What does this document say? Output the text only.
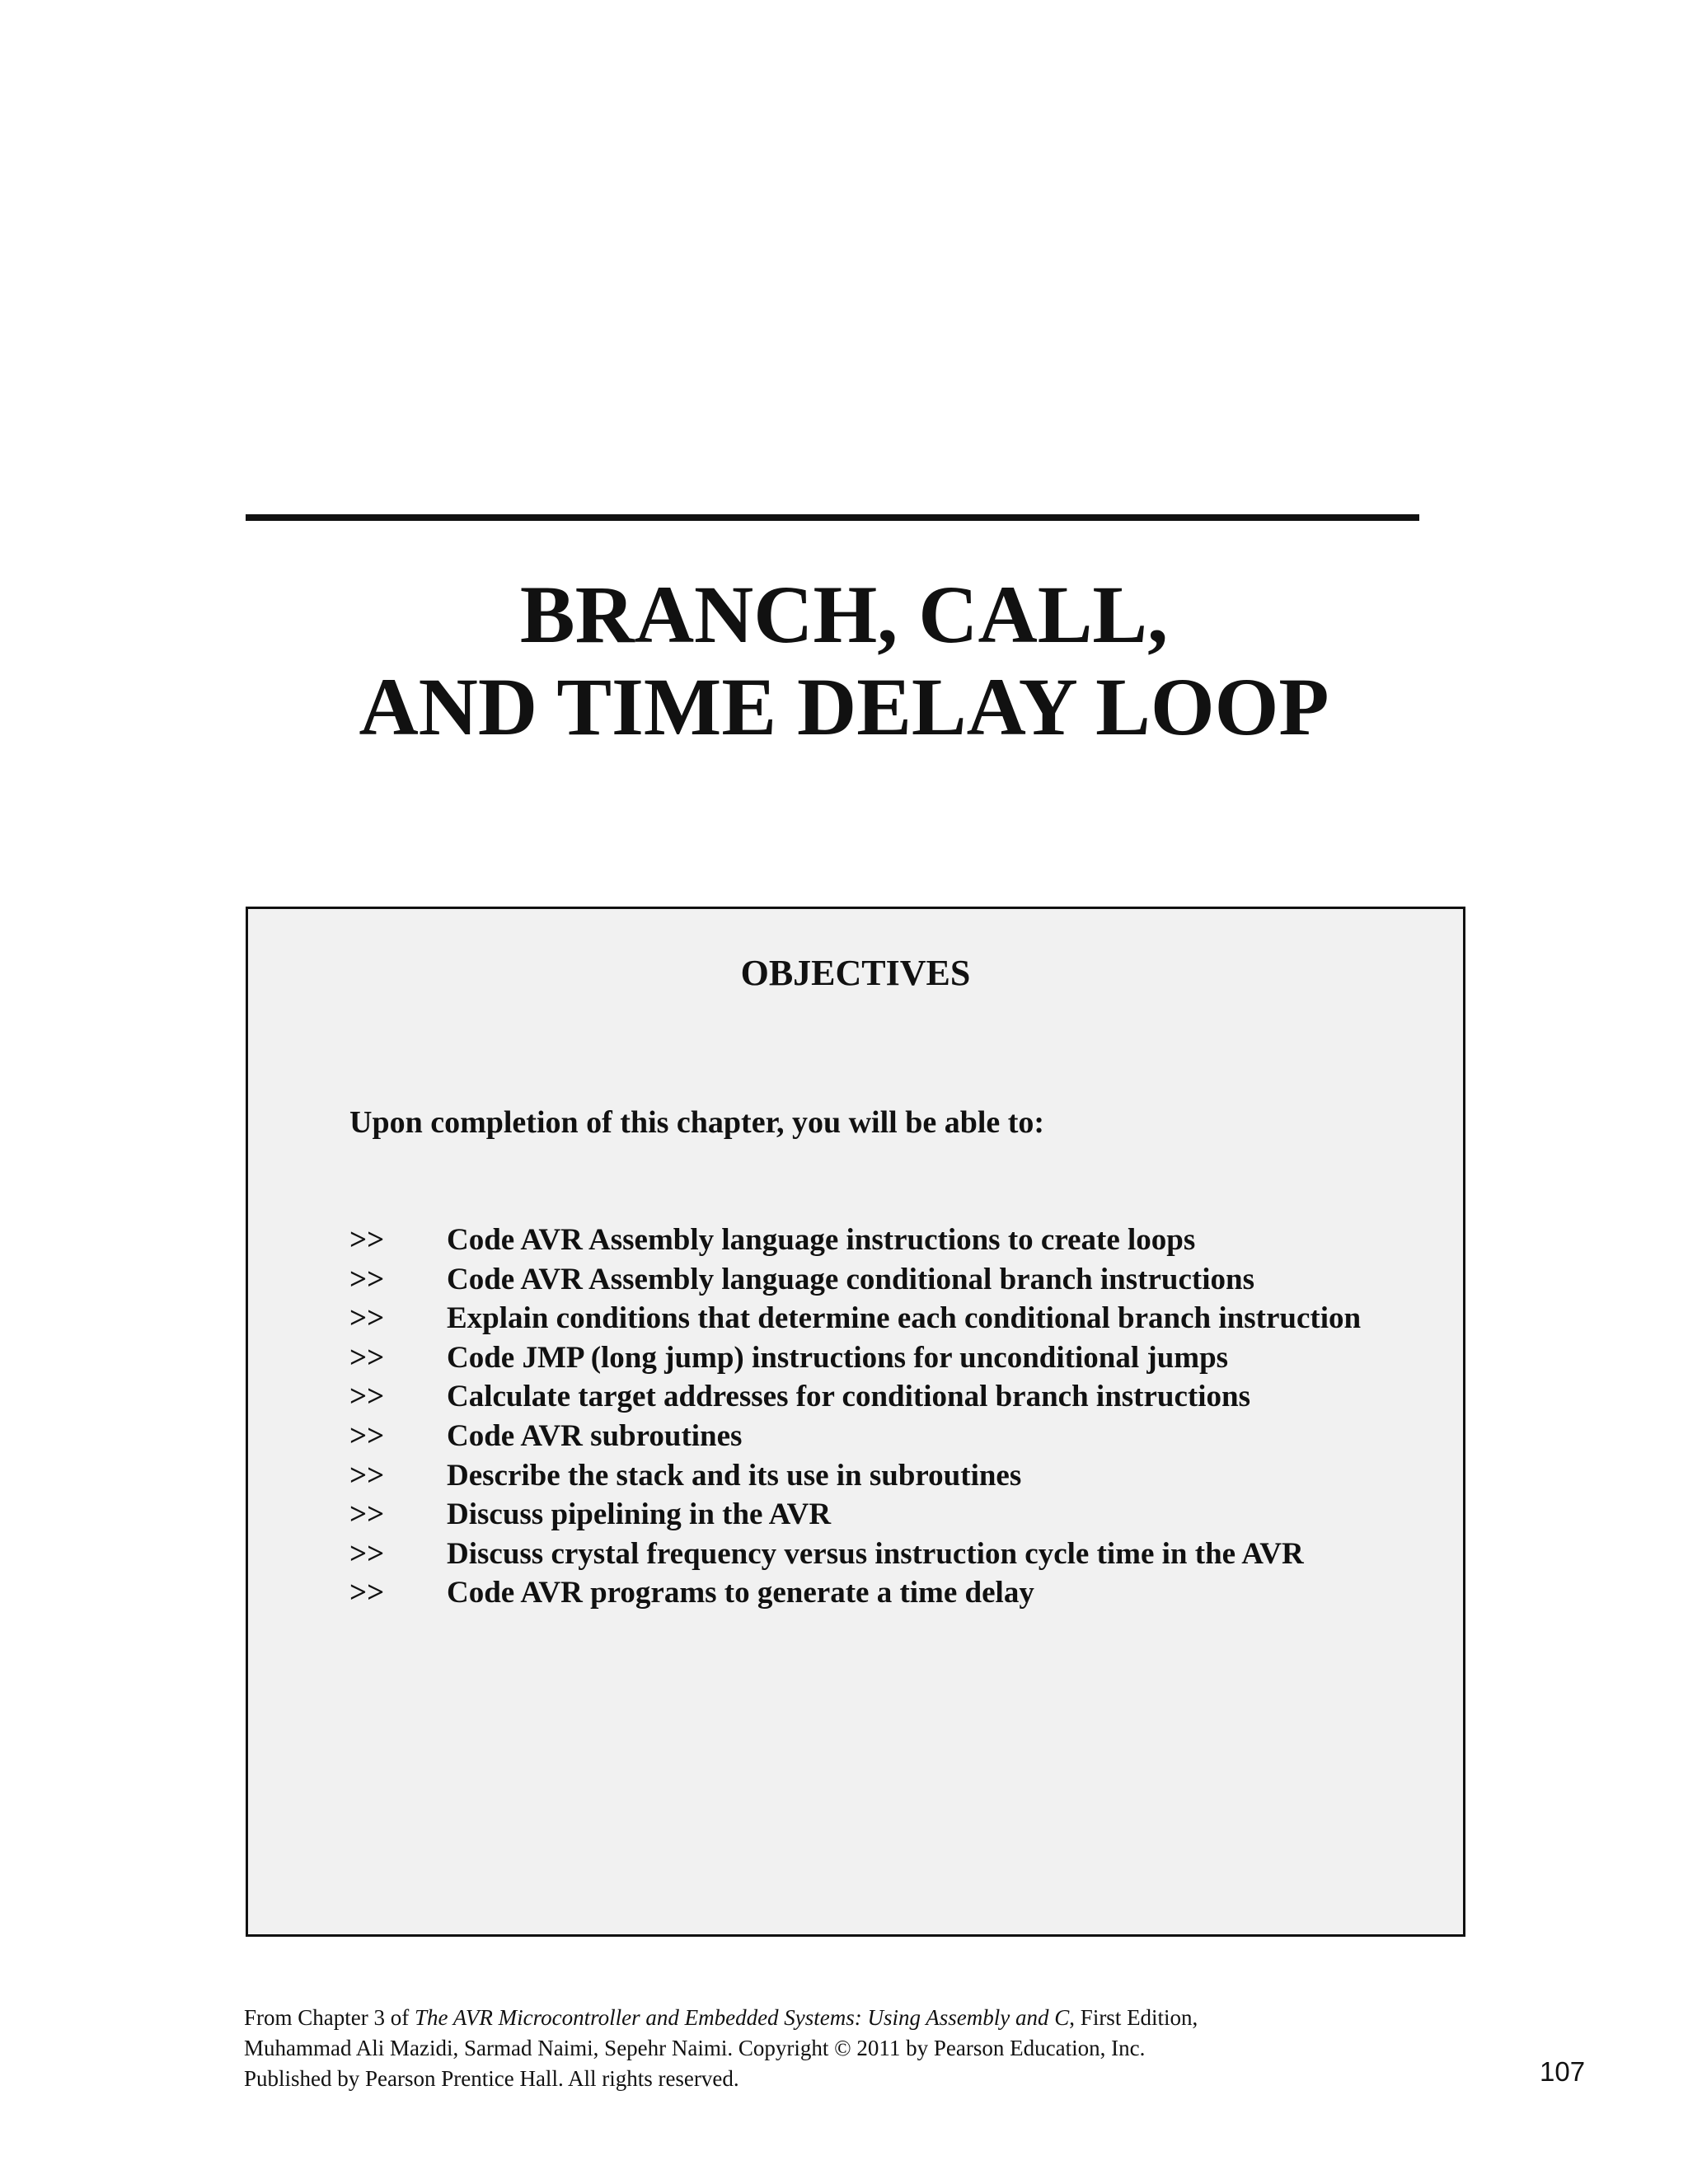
BRANCH, CALL,
AND TIME DELAY LOOP
OBJECTIVES

Upon completion of this chapter, you will be able to:

>>	Code AVR Assembly language instructions to create loops
>>	Code AVR Assembly language conditional branch instructions
>>	Explain conditions that determine each conditional branch instruction
>>	Code JMP (long jump) instructions for unconditional jumps
>>	Calculate target addresses for conditional branch instructions
>>	Code AVR subroutines
>>	Describe the stack and its use in subroutines
>>	Discuss pipelining in the AVR
>>	Discuss crystal frequency versus instruction cycle time in the AVR
>>	Code AVR programs to generate a time delay

From Chapter 3 of The AVR Microcontroller and Embedded Systems: Using Assembly and C, First Edition,
Muhammad Ali Mazidi, Sarmad Naimi, Sepehr Naimi. Copyright © 2011 by Pearson Education, Inc.
Published by Pearson Prentice Hall. All rights reserved.	107
